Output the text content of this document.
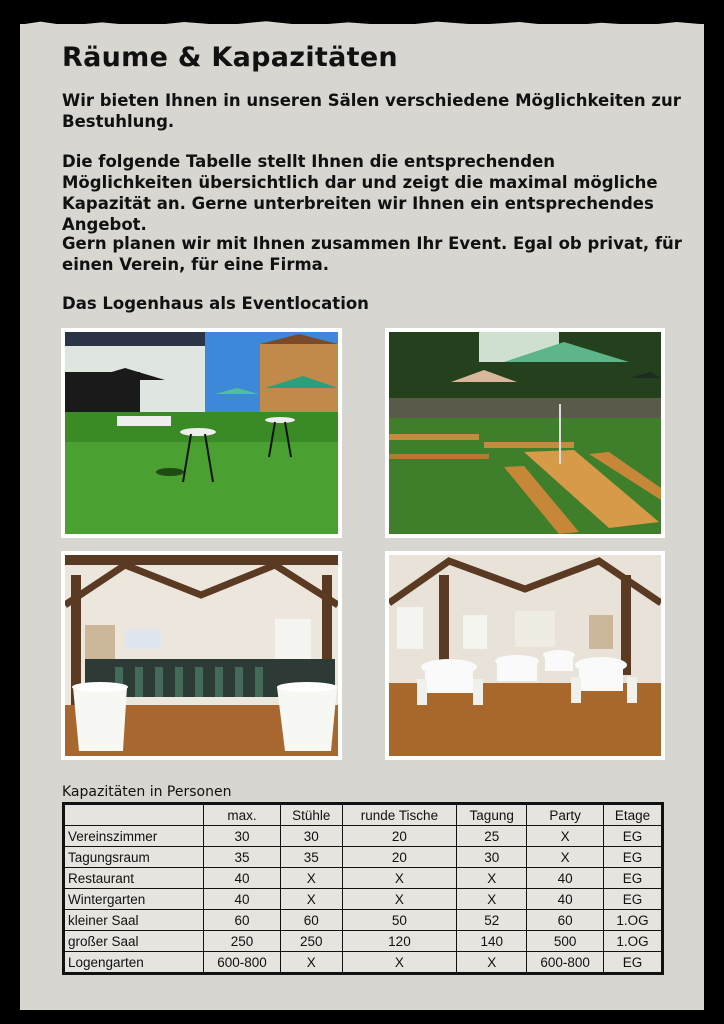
Räume & Kapazitäten

Wir bieten Ihnen in unseren Sälen verschiedene Möglichkeiten zur Bestuhlung.

Die folgende Tabelle stellt Ihnen die entsprechenden Möglichkeiten übersichtlich dar und zeigt die maximal mögliche Kapazität an. Gerne unterbreiten wir Ihnen ein entsprechendes Angebot.

Gern planen wir mit Ihnen zusammen Ihr Event. Egal ob privat, für einen Verein, für eine Firma.

Das Logenhaus als Eventlocation

Kapazitäten in Personen
	max.	Stühle	runde Tische	Tagung	Party	Etage
Vereinszimmer	30	30	20	25	X	EG
Tagungsraum	35	35	20	30	X	EG
Restaurant	40	X	X	X	40	EG
Wintergarten	40	X	X	X	40	EG
kleiner Saal	60	60	50	52	60	1.OG
großer Saal	250	250	120	140	500	1.OG
Logengarten	600-800	X	X	X	600-800	EG
